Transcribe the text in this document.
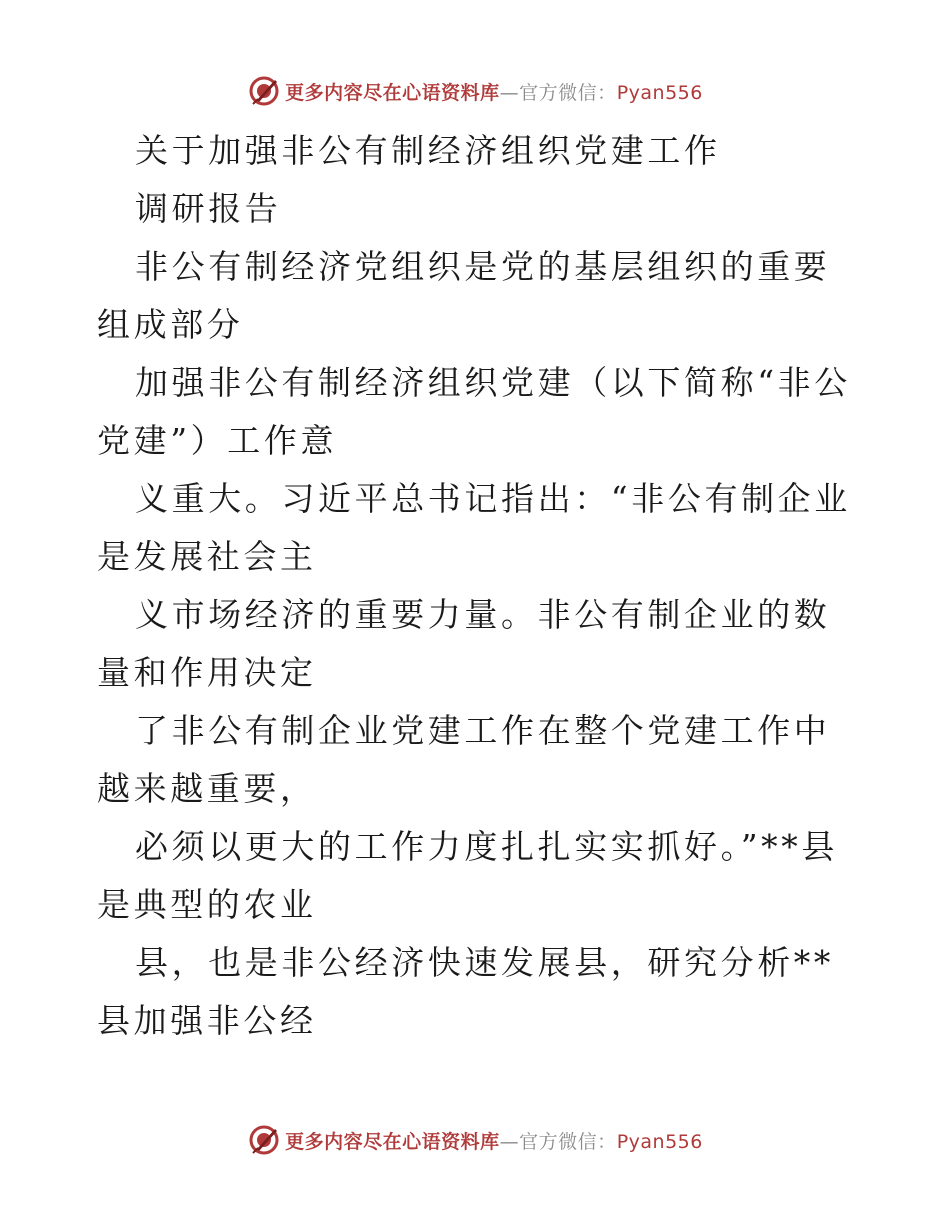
更多内容尽在心语资料库—官方微信：Pyan556

关于加强非公有制经济组织党建工作

调研报告

非公有制经济党组织是党的基层组织的重要组成部分

加强非公有制经济组织党建（以下简称“非公党建”）工作意

义重大。习近平总书记指出：“非公有制企业是发展社会主

义市场经济的重要力量。非公有制企业的数量和作用决定

了非公有制企业党建工作在整个党建工作中越来越重要，

必须以更大的工作力度扎扎实实抓好。”**县是典型的农业

县，也是非公经济快速发展县，研究分析**县加强非公经

更多内容尽在心语资料库—官方微信：Pyan556
